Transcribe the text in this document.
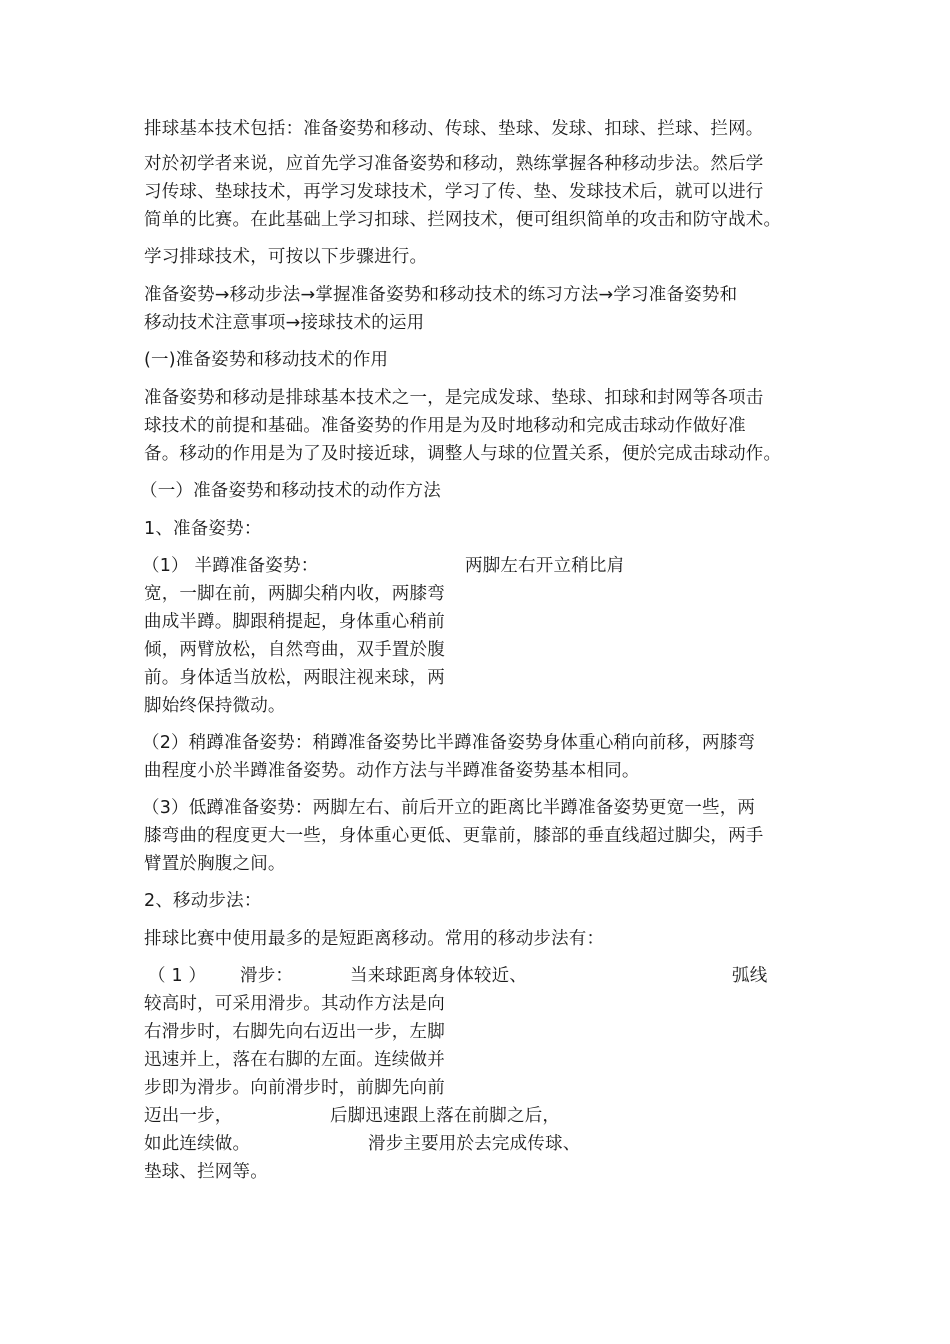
排球基本技术包括：准备姿势和移动、传球、垫球、发球、扣球、拦球、拦网。
对於初学者来说，应首先学习准备姿势和移动，熟练掌握各种移动步法。然后学
习传球、垫球技术，再学习发球技术，学习了传、垫、发球技术后，就可以进行
简单的比赛。在此基础上学习扣球、拦网技术，便可组织简单的攻击和防守战术。
学习排球技术，可按以下步骤进行。
准备姿势→移动步法→掌握准备姿势和移动技术的练习方法→学习准备姿势和
移动技术注意事项→接球技术的运用
(一)准备姿势和移动技术的作用
准备姿势和移动是排球基本技术之一，是完成发球、垫球、扣球和封网等各项击
球技术的前提和基础。准备姿势的作用是为及时地移动和完成击球动作做好准
备。移动的作用是为了及时接近球，调整人与球的位置关系，便於完成击球动作。
（一）准备姿势和移动技术的动作方法
1、准备姿势：
（1） 半蹲准备姿势：	两脚左右开立稍比肩
宽，一脚在前，两脚尖稍内收，两膝弯
曲成半蹲。脚跟稍提起，身体重心稍前
倾，两臂放松，自然弯曲，双手置於腹
前。身体适当放松，两眼注视来球，两
脚始终保持微动。
（2）稍蹲准备姿势：稍蹲准备姿势比半蹲准备姿势身体重心稍向前移，两膝弯
曲程度小於半蹲准备姿势。动作方法与半蹲准备姿势基本相同。
（3）低蹲准备姿势：两脚左右、前后开立的距离比半蹲准备姿势更宽一些，两
膝弯曲的程度更大一些，身体重心更低、更靠前，膝部的垂直线超过脚尖，两手
臂置於胸腹之间。
2、移动步法：
排球比赛中使用最多的是短距离移动。常用的移动步法有：
（ 1 ） 滑步：	当来球距离身体较近、	弧线
较高时，可采用滑步。其动作方法是向
右滑步时，右脚先向右迈出一步，左脚
迅速并上，落在右脚的左面。连续做并
步即为滑步。向前滑步时，前脚先向前
迈出一步，	后脚迅速跟上落在前脚之后，
如此连续做。	滑步主要用於去完成传球、
垫球、拦网等。
